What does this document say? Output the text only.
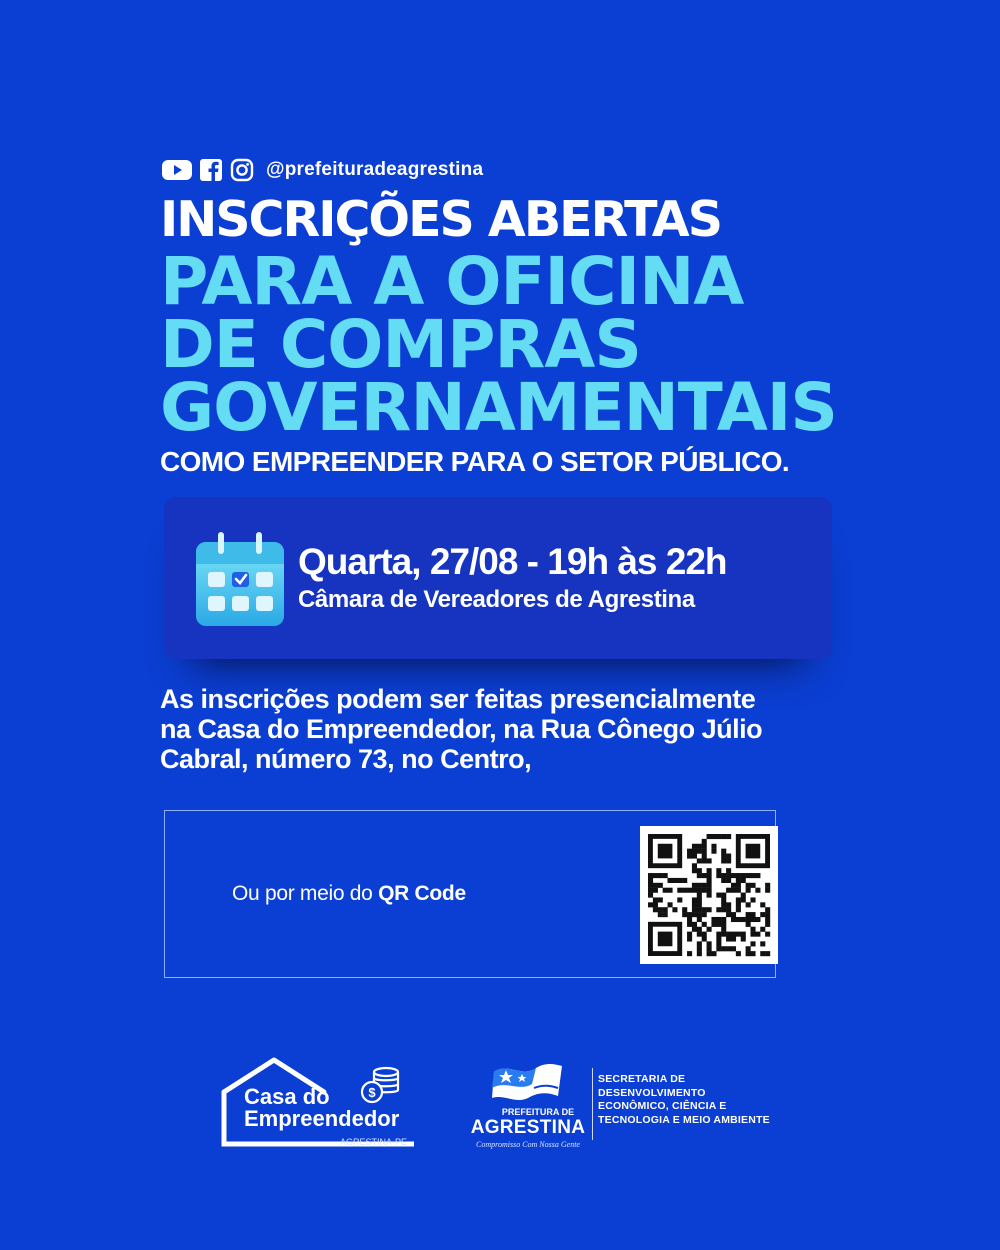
@prefeituradeagrestina
INSCRIÇÕES ABERTAS
PARA A OFICINA
DE COMPRAS
GOVERNAMENTAIS
COMO EMPREENDER PARA O SETOR PÚBLICO.
Quarta, 27/08 - 19h às 22h
Câmara de Vereadores de Agrestina
As inscrições podem ser feitas presencialmente
na Casa do Empreendedor, na Rua Cônego Júlio
Cabral, número 73, no Centro,
Ou por meio do QR Code
$
Casa do
Empreendedor
AGRESTINA-PE
PREFEITURA DE
AGRESTINA
Compromisso Com Nossa Gente
SECRETARIA DE
DESENVOLVIMENTO
ECONÔMICO, CIÊNCIA E
TECNOLOGIA E MEIO AMBIENTE
